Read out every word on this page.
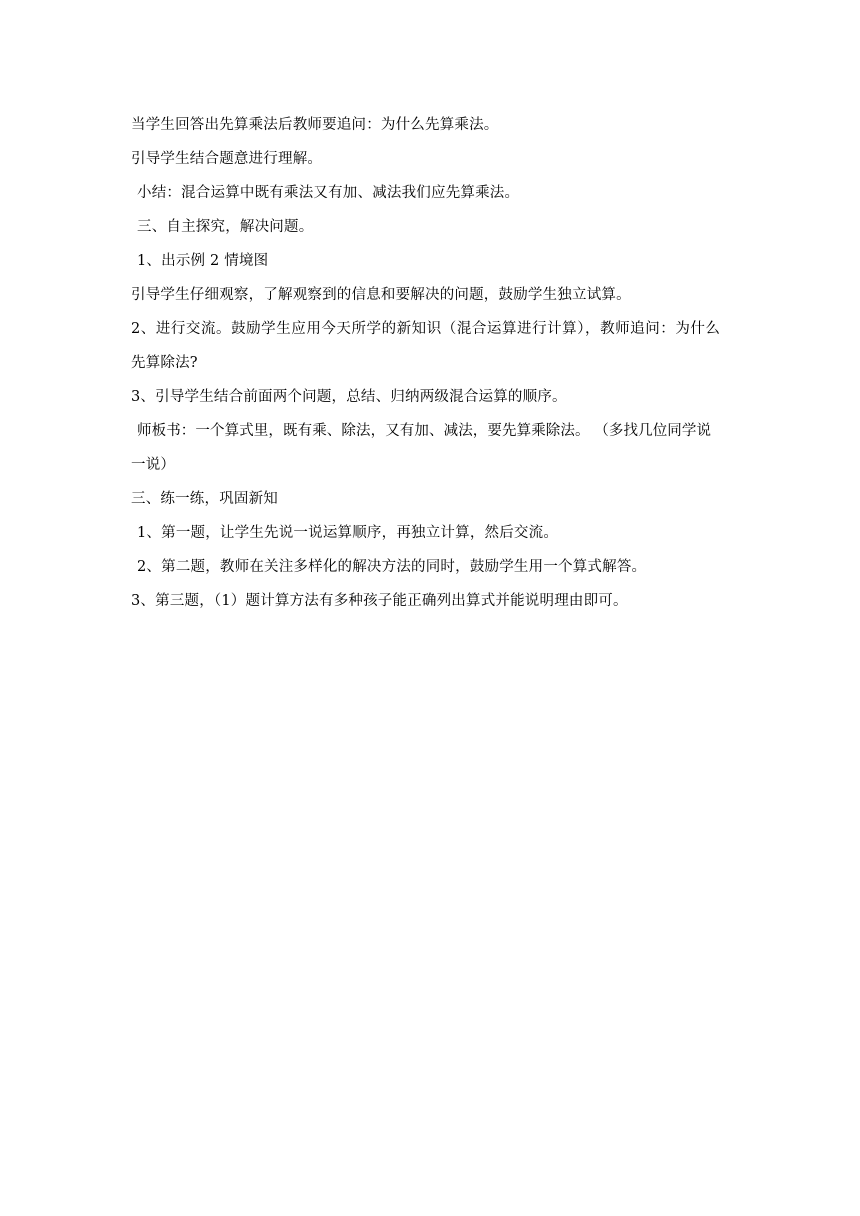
当学生回答出先算乘法后教师要追问：为什么先算乘法。
引导学生结合题意进行理解。
小结：混合运算中既有乘法又有加、减法我们应先算乘法。
三、自主探究，解决问题。
1、出示例 2 情境图
引导学生仔细观察，了解观察到的信息和要解决的问题，鼓励学生独立试算。
2、进行交流。鼓励学生应用今天所学的新知识（混合运算进行计算），教师追问：为什么
先算除法?
3、引导学生结合前面两个问题，总结、归纳两级混合运算的顺序。
师板书：一个算式里，既有乘、除法，又有加、减法，要先算乘除法。 （多找几位同学说
一说）
三、练一练，巩固新知
1、第一题，让学生先说一说运算顺序，再独立计算，然后交流。
2、第二题，教师在关注多样化的解决方法的同时，鼓励学生用一个算式解答。
3、第三题，（1）题计算方法有多种孩子能正确列出算式并能说明理由即可。
